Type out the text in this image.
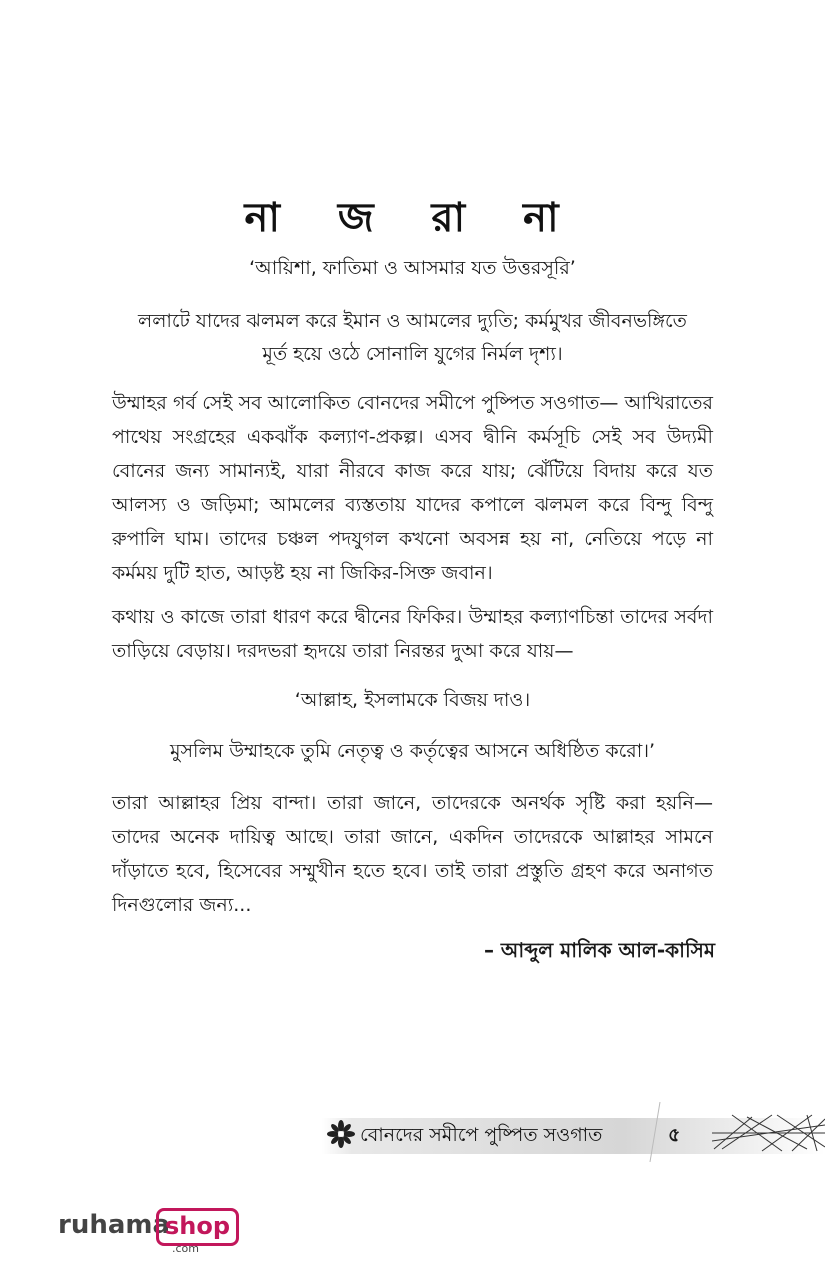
না জ রা না
‘আয়িশা, ফাতিমা ও আসমার যত উত্তরসূরি’
ললাটে যাদের ঝলমল করে ইমান ও আমলের দ্যুতি; কর্মমুখর জীবনভঙ্গিতে
মূর্ত হয়ে ওঠে সোনালি যুগের নির্মল দৃশ্য।
উম্মাহর গর্ব সেই সব আলোকিত বোনদের সমীপে পুষ্পিত সওগাত— আখিরাতের পাথেয় সংগ্রহের একঝাঁক কল্যাণ-প্রকল্প। এসব দ্বীনি কর্মসূচি সেই সব উদ্যমী বোনের জন্য সামান্যই, যারা নীরবে কাজ করে যায়; ঝেঁটিয়ে বিদায় করে যত আলস্য ও জড়িমা; আমলের ব্যস্ততায় যাদের কপালে ঝলমল করে বিন্দু বিন্দু রুপালি ঘাম। তাদের চঞ্চল পদযুগল কখনো অবসন্ন হয় না, নেতিয়ে পড়ে না কর্মময় দুটি হাত, আড়ষ্ট হয় না জিকির-সিক্ত জবান।
কথায় ও কাজে তারা ধারণ করে দ্বীনের ফিকির। উম্মাহর কল্যাণচিন্তা তাদের সর্বদা তাড়িয়ে বেড়ায়। দরদভরা হৃদয়ে তারা নিরন্তর দুআ করে যায়—
‘আল্লাহ, ইসলামকে বিজয় দাও।
মুসলিম উম্মাহকে তুমি নেতৃত্ব ও কর্তৃত্বের আসনে অধিষ্ঠিত করো।’
তারা আল্লাহর প্রিয় বান্দা। তারা জানে, তাদেরকে অনর্থক সৃষ্টি করা হয়নি— তাদের অনেক দায়িত্ব আছে। তারা জানে, একদিন তাদেরকে আল্লাহর সামনে দাঁড়াতে হবে, হিসেবের সম্মুখীন হতে হবে। তাই তারা প্রস্তুতি গ্রহণ করে অনাগত দিনগুলোর জন্য...
– আব্দুল মালিক আল-কাসিম
বোনদের সমীপে পুষ্পিত সওগাত	৫
ruhama
shop
.com
